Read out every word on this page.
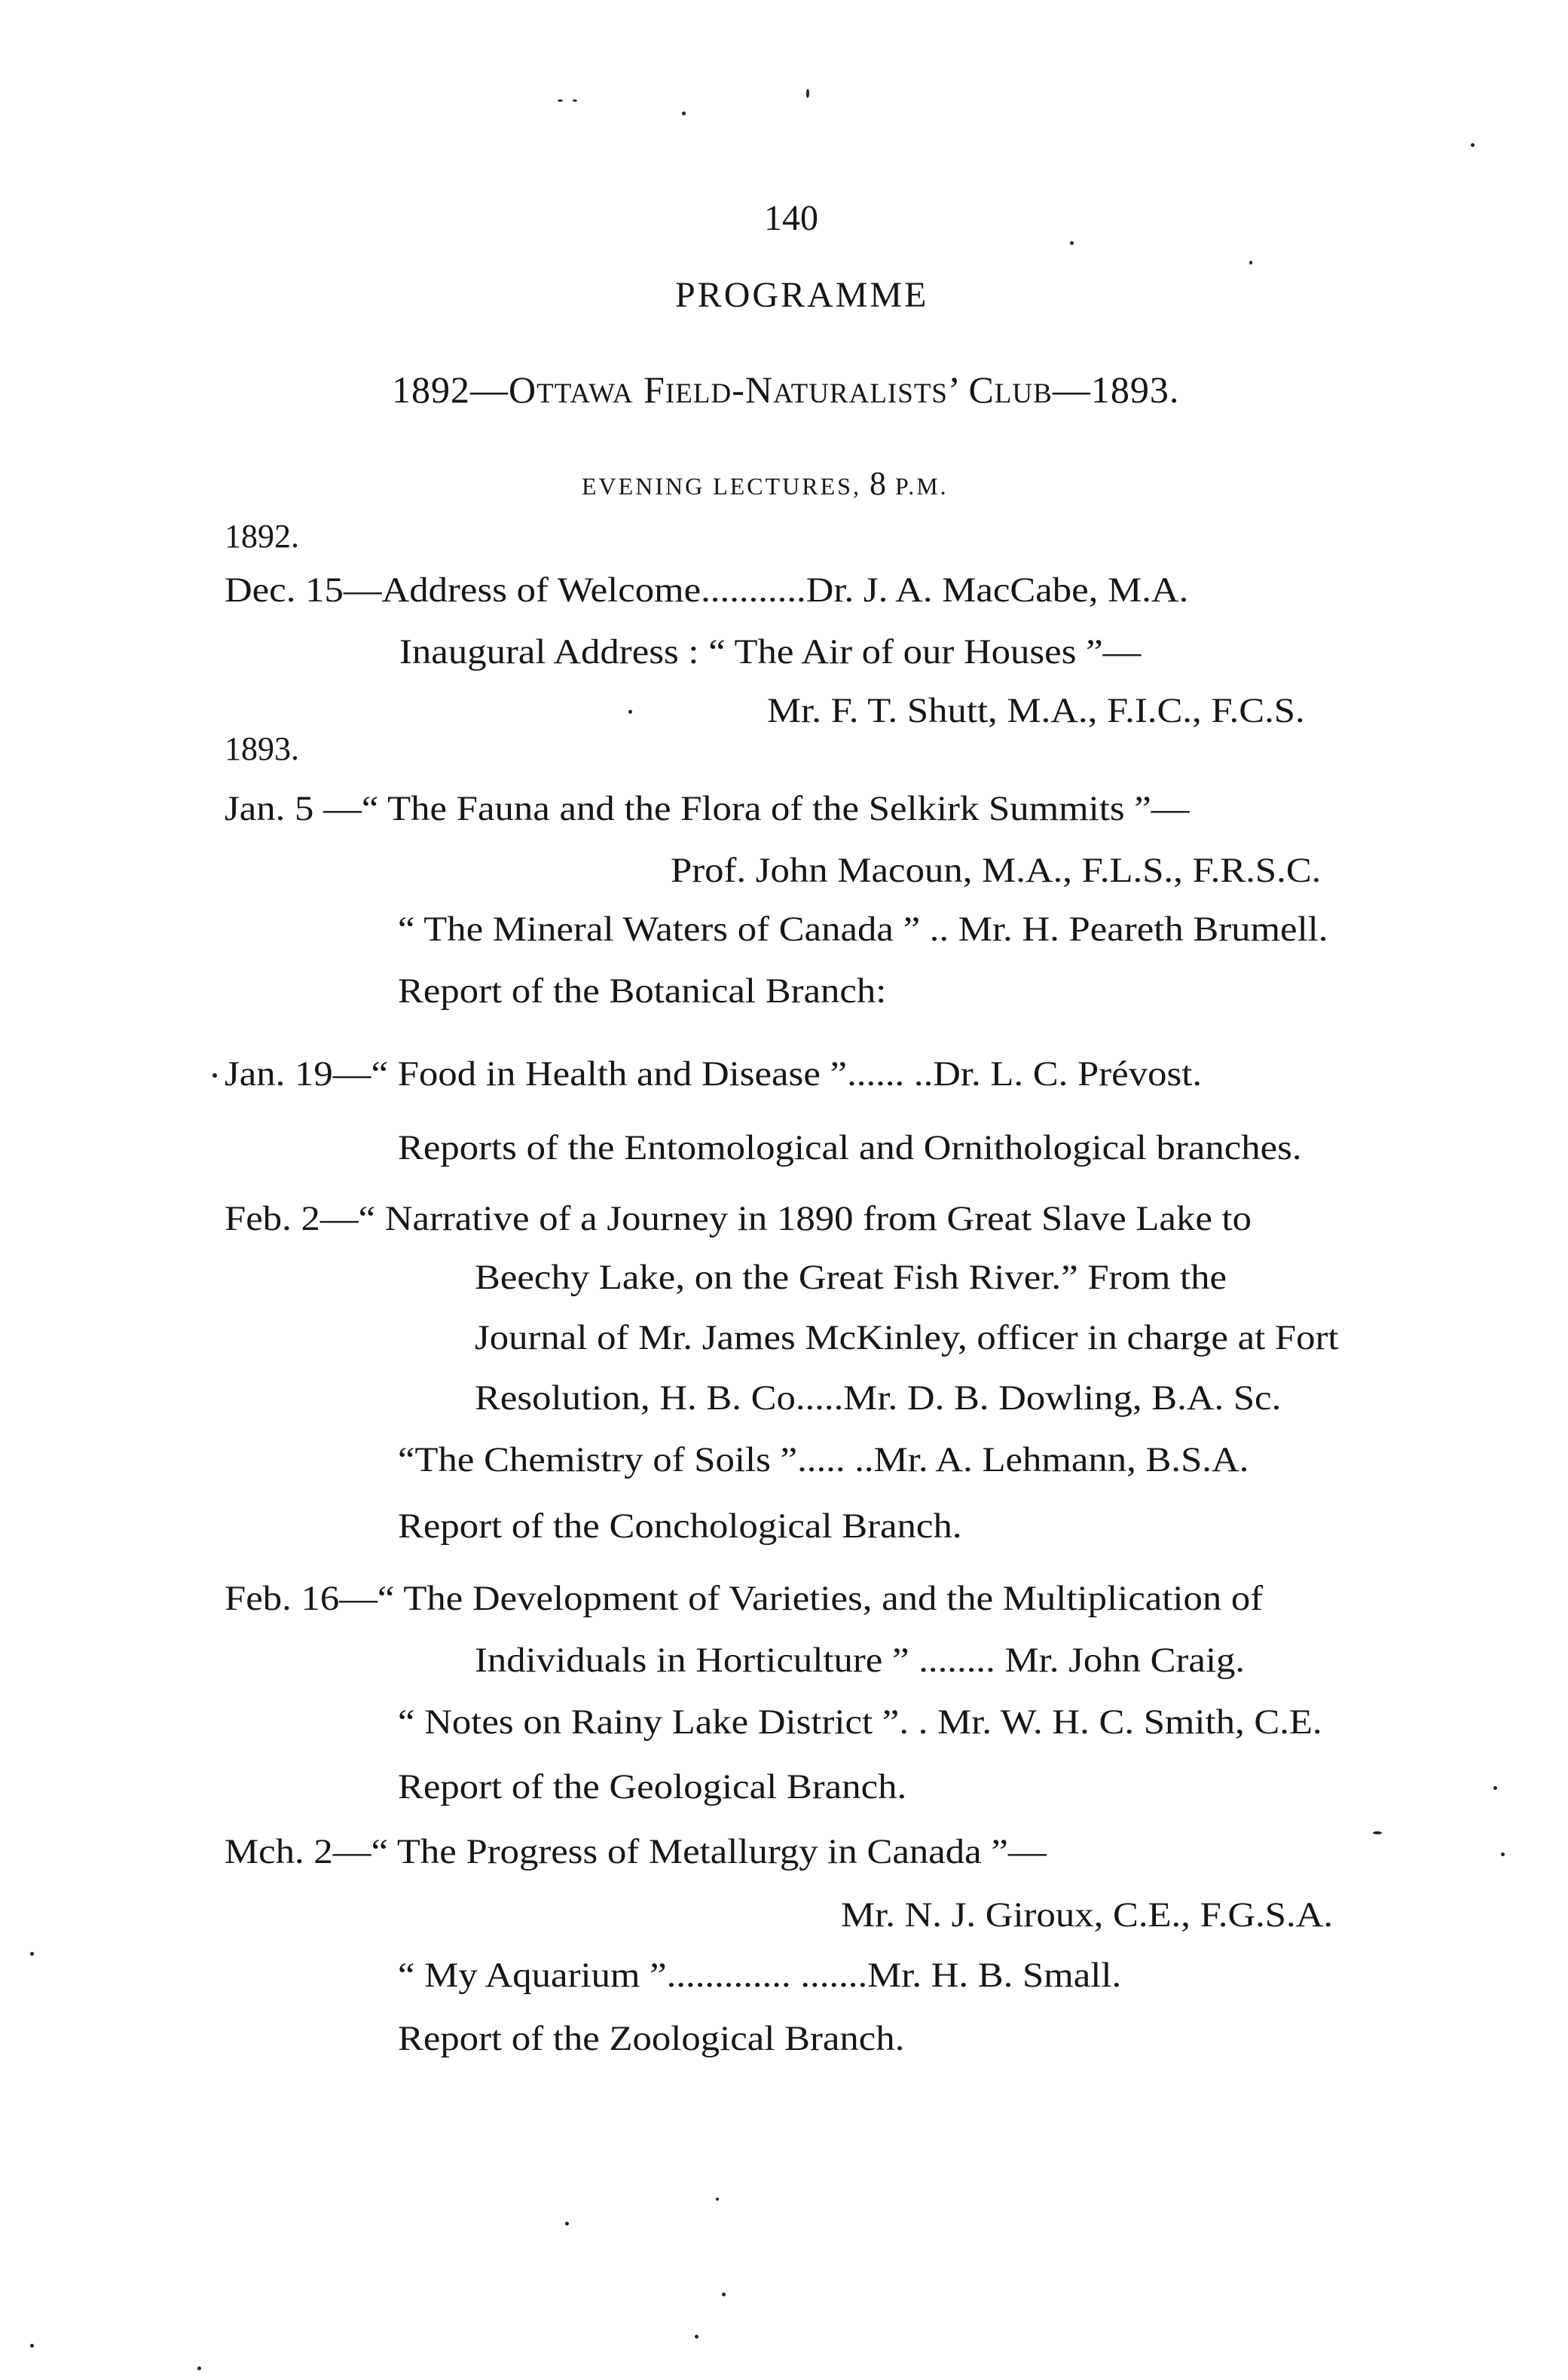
140
PROGRAMME
1892—OTTAWA FIELD-NATURALISTS’ CLUB—1893.
EVENING LECTURES, 8 P.M.
1892.
1893.
Dec. 15—Address of Welcome...........Dr. J. A. MacCabe, M.A.
Inaugural Address : “ The Air of our Houses ”—
Mr. F. T. Shutt, M.A., F.I.C., F.C.S.
Jan. 5 —“ The Fauna and the Flora of the Selkirk Summits ”—
Prof. John Macoun, M.A., F.L.S., F.R.S.C.
“ The Mineral Waters of Canada ” .. Mr. H. Peareth Brumell.
Report of the Botanical Branch:
Jan. 19—“ Food in Health and Disease ”...... ..Dr. L. C. Prévost.
Reports of the Entomological and Ornithological branches.
Feb. 2—“ Narrative of a Journey in 1890 from Great Slave Lake to
Beechy Lake, on the Great Fish River.” From the
Journal of Mr. James McKinley, officer in charge at Fort
Resolution, H. B. Co.....Mr. D. B. Dowling, B.A. Sc.
“The Chemistry of Soils ”..... ..Mr. A. Lehmann, B.S.A.
Report of the Conchological Branch.
Feb. 16—“ The Development of Varieties, and the Multiplication of
Individuals in Horticulture ” ........ Mr. John Craig.
“ Notes on Rainy Lake District ”. . Mr. W. H. C. Smith, C.E.
Report of the Geological Branch.
Mch. 2—“ The Progress of Metallurgy in Canada ”—
Mr. N. J. Giroux, C.E., F.G.S.A.
“ My Aquarium ”............. .......Mr. H. B. Small.
Report of the Zoological Branch.
